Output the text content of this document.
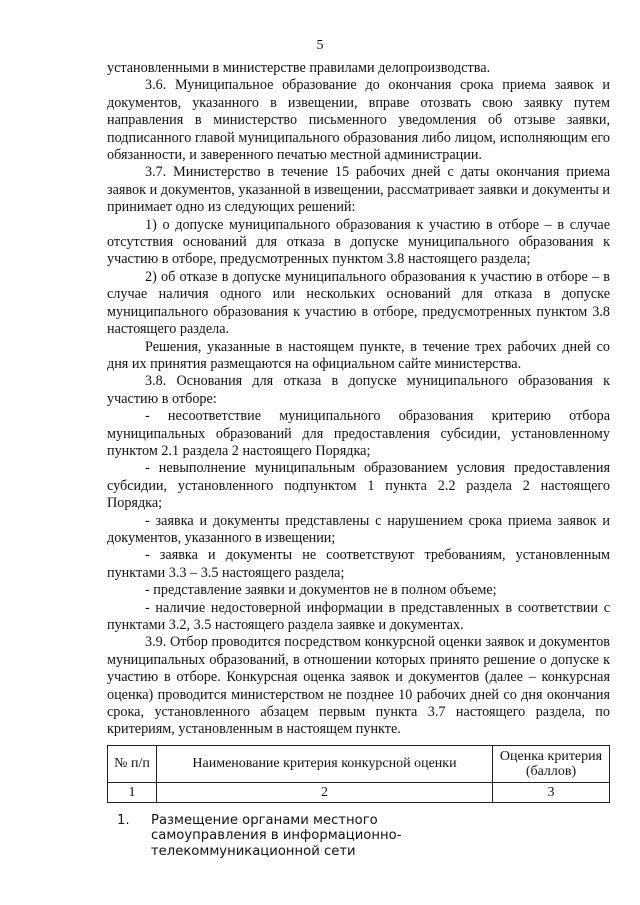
5

установленными в министерстве правилами делопроизводства.

3.6. Муниципальное образование до окончания срока приема заявок и документов, указанного в извещении, вправе отозвать свою заявку путем направления в министерство письменного уведомления об отзыве заявки, подписанного главой муниципального образования либо лицом, исполняющим его обязанности, и заверенного печатью местной администрации.

3.7. Министерство в течение 15 рабочих дней с даты окончания приема заявок и документов, указанной в извещении, рассматривает заявки и документы и принимает одно из следующих решений:

1) о допуске муниципального образования к участию в отборе – в случае отсутствия оснований для отказа в допуске муниципального образования к участию в отборе, предусмотренных пунктом 3.8 настоящего раздела;

2) об отказе в допуске муниципального образования к участию в отборе – в случае наличия одного или нескольких оснований для отказа в допуске муниципального образования к участию в отборе, предусмотренных пунктом 3.8 настоящего раздела.

Решения, указанные в настоящем пункте, в течение трех рабочих дней со дня их принятия размещаются на официальном сайте министерства.

3.8. Основания для отказа в допуске муниципального образования к участию в отборе:

- несоответствие муниципального образования критерию отбора муниципальных образований для предоставления субсидии, установленному пунктом 2.1 раздела 2 настоящего Порядка;

- невыполнение муниципальным образованием условия предоставления субсидии, установленного подпунктом 1 пункта 2.2 раздела 2 настоящего Порядка;

- заявка и документы представлены с нарушением срока приема заявок и документов, указанного в извещении;

- заявка и документы не соответствуют требованиям, установленным пунктами 3.3 – 3.5 настоящего раздела;

- представление заявки и документов не в полном объеме;

- наличие недостоверной информации в представленных в соответствии с пунктами 3.2, 3.5 настоящего раздела заявке и документах.

3.9. Отбор проводится посредством конкурсной оценки заявок и документов муниципальных образований, в отношении которых принято решение о допуске к участию в отборе. Конкурсная оценка заявок и документов (далее – конкурсная оценка) проводится министерством не позднее 10 рабочих дней со дня окончания срока, установленного абзацем первым пункта 3.7 настоящего раздела, по критериям, установленным в настоящем пункте.

№ п/п	Наименование критерия конкурсной оценки	Оценка критерия (баллов)
1	2	3
1.	Размещение органами местного самоуправления в информационно-телекоммуникационной сети
